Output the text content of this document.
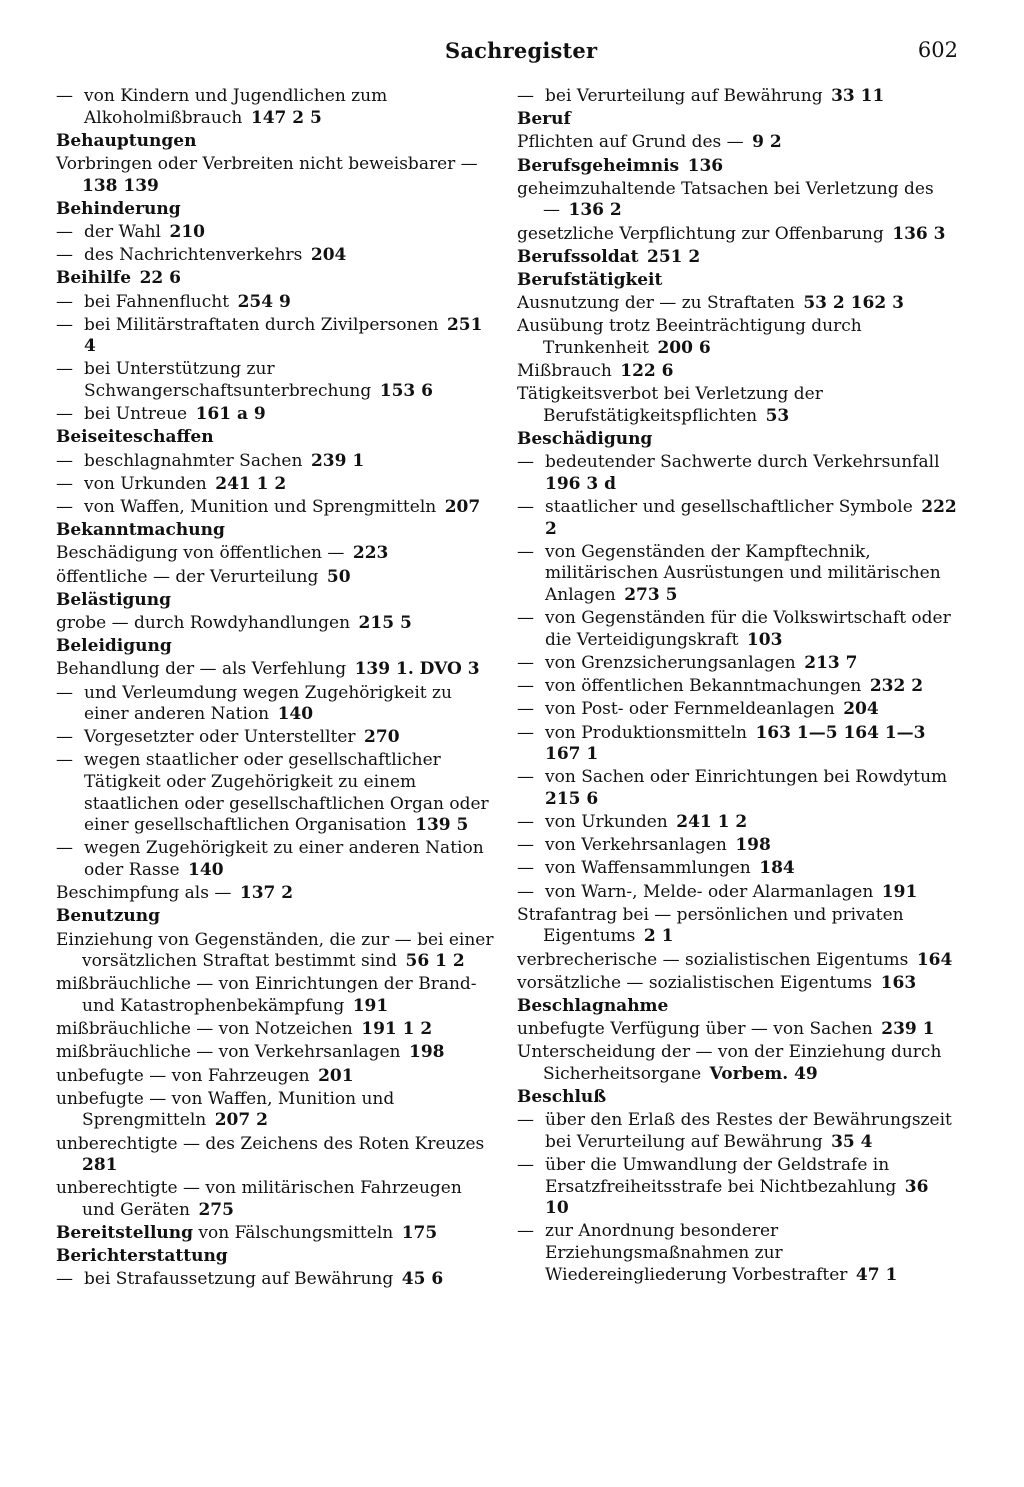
Sachregister	602
— von Kindern und Jugendlichen zum Alkoholmißbrauch  147 2 5
Behauptungen
Vorbringen oder Verbreiten nicht beweisbarer — 138 139
Behinderung
— der Wahl  210
— des Nachrichtenverkehrs  204
Beihilfe  22 6
— bei Fahnenflucht  254 9
— bei Militärstraftaten durch Zivilpersonen  251 4
— bei Unterstützung zur Schwangerschaftsunterbrechung  153 6
— bei Untreue  161 a 9
Beiseiteschaffen
— beschlagnahmter Sachen  239 1
— von Urkunden  241 1 2
— von Waffen, Munition und Sprengmitteln  207
Bekanntmachung
Beschädigung von öffentlichen —  223
öffentliche — der Verurteilung  50
Belästigung
grobe — durch Rowdyhandlungen  215 5
Beleidigung
Behandlung der — als Verfehlung  139 1. DVO 3
— und Verleumdung wegen Zugehörigkeit zu einer anderen Nation  140
— Vorgesetzter oder Unterstellter  270
— wegen staatlicher oder gesellschaftlicher Tätigkeit oder Zugehörigkeit zu einem staatlichen oder gesellschaftlichen Organ oder einer gesellschaftlichen Organisation  139 5
— wegen Zugehörigkeit zu einer anderen Nation oder Rasse  140
Beschimpfung als —  137 2
Benutzung
Einziehung von Gegenständen, die zur — bei einer vorsätzlichen Straftat bestimmt sind  56 1 2
mißbräuchliche — von Einrichtungen der Brand- und Katastrophenbekämpfung  191
mißbräuchliche — von Notzeichen  191 1 2
mißbräuchliche — von Verkehrsanlagen  198
unbefugte — von Fahrzeugen  201
unbefugte — von Waffen, Munition und Sprengmitteln  207 2
unberechtigte — des Zeichens des Roten Kreuzes 281
unberechtigte — von militärischen Fahrzeugen und Geräten  275
Bereitstellung von Fälschungsmitteln  175
Berichterstattung
— bei Strafaussetzung auf Bewährung  45 6
— bei Verurteilung auf Bewährung  33 11
Beruf
Pflichten auf Grund des —  9 2
Berufsgeheimnis  136
geheimzuhaltende Tatsachen bei Verletzung des —  136 2
gesetzliche Verpflichtung zur Offenbarung  136 3
Berufssoldat  251 2
Berufstätigkeit
Ausnutzung der — zu Straftaten  53 2 162 3
Ausübung trotz Beeinträchtigung durch Trunkenheit  200 6
Mißbrauch  122 6
Tätigkeitsverbot bei Verletzung der Berufstätigkeitspflichten  53
Beschädigung
— bedeutender Sachwerte durch Verkehrsunfall 196 3 d
— staatlicher und gesellschaftlicher Symbole  222 2
— von Gegenständen der Kampftechnik, militärischen Ausrüstungen und militärischen Anlagen  273 5
— von Gegenständen für die Volkswirtschaft oder die Verteidigungskraft  103
— von Grenzsicherungsanlagen  213 7
— von öffentlichen Bekanntmachungen  232 2
— von Post- oder Fernmeldeanlagen  204
— von Produktionsmitteln  163 1—5 164 1—3 167 1
— von Sachen oder Einrichtungen bei Rowdytum 215 6
— von Urkunden  241 1 2
— von Verkehrsanlagen  198
— von Waffensammlungen  184
— von Warn-, Melde- oder Alarmanlagen  191
Strafantrag bei — persönlichen und privaten Eigentums  2 1
verbrecherische — sozialistischen Eigentums  164
vorsätzliche — sozialistischen Eigentums  163
Beschlagnahme
unbefugte Verfügung über — von Sachen  239 1
Unterscheidung der — von der Einziehung durch Sicherheitsorgane  Vorbem. 49
Beschluß
— über den Erlaß des Restes der Bewährungszeit bei Verurteilung auf Bewährung  35 4
— über die Umwandlung der Geldstrafe in Ersatzfreiheitsstrafe bei Nichtbezahlung  36 10
— zur Anordnung besonderer Erziehungsmaßnahmen zur Wiedereingliederung Vorbestrafter  47 1
